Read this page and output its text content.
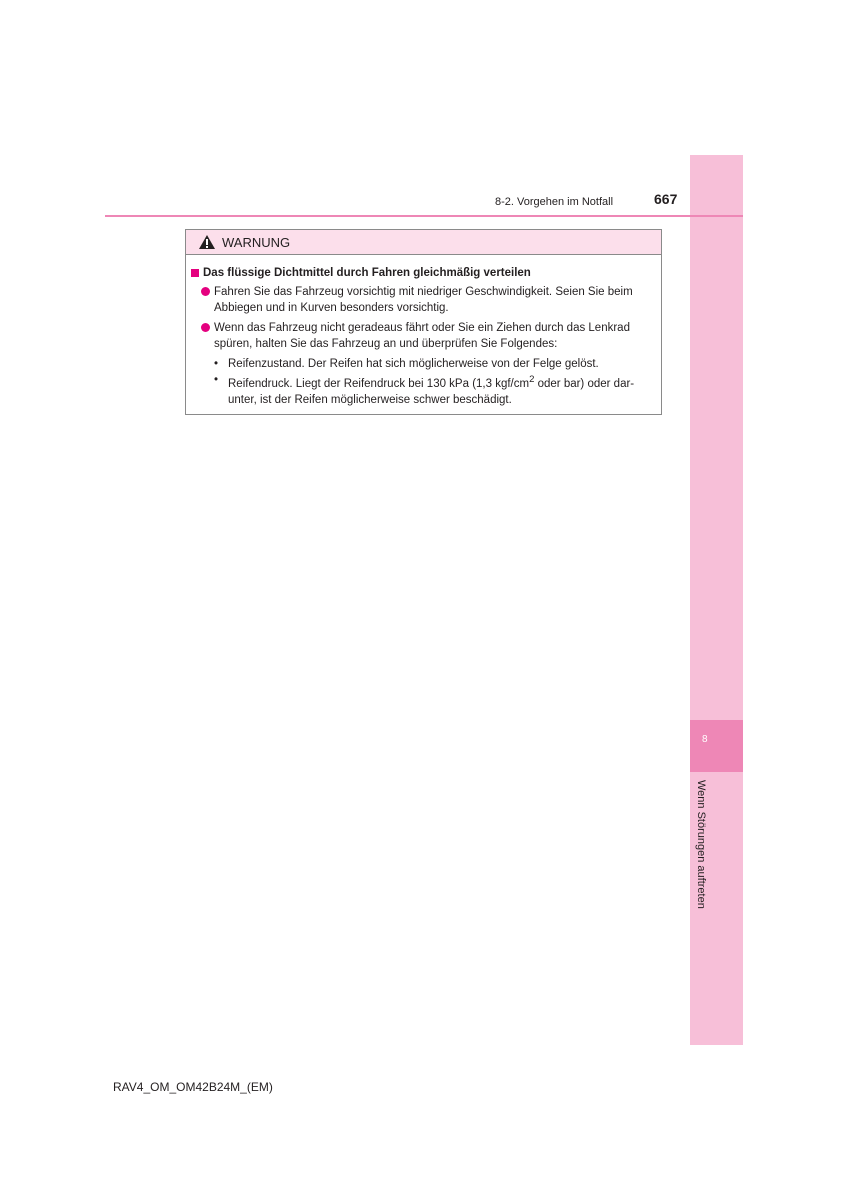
8
Wenn Störungen auftreten
8-2. Vorgehen im Notfall	667
WARNUNG
Das flüssige Dichtmittel durch Fahren gleichmäßig verteilen
Fahren Sie das Fahrzeug vorsichtig mit niedriger Geschwindigkeit. Seien Sie beim Abbiegen und in Kurven besonders vorsichtig.
Wenn das Fahrzeug nicht geradeaus fährt oder Sie ein Ziehen durch das Lenkrad spüren, halten Sie das Fahrzeug an und überprüfen Sie Folgendes:
• Reifenzustand. Der Reifen hat sich möglicherweise von der Felge gelöst.
• Reifendruck. Liegt der Reifendruck bei 130 kPa (1,3 kgf/$cm^2$ oder bar) oder dar-unter, ist der Reifen möglicherweise schwer beschädigt.
RAV4_OM_OM42B24M_(EM)
